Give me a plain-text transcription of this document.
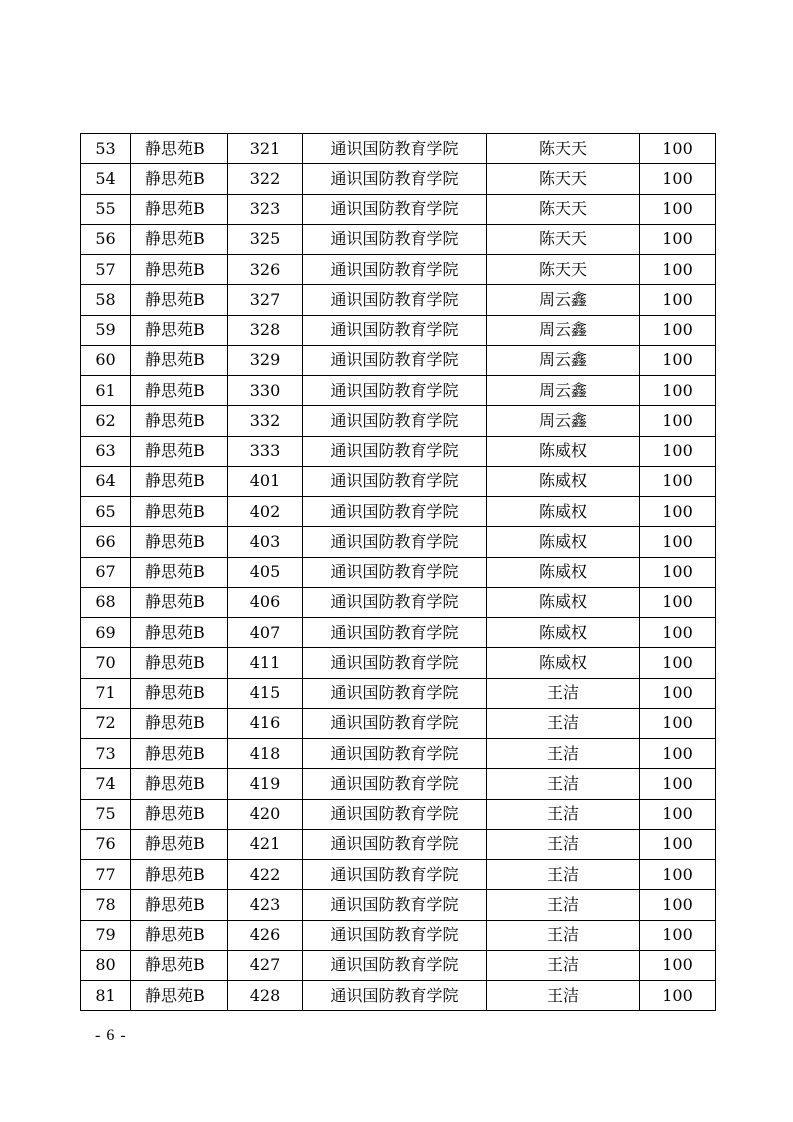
53	静思苑B	321	通识国防教育学院	陈天天	100
54	静思苑B	322	通识国防教育学院	陈天天	100
55	静思苑B	323	通识国防教育学院	陈天天	100
56	静思苑B	325	通识国防教育学院	陈天天	100
57	静思苑B	326	通识国防教育学院	陈天天	100
58	静思苑B	327	通识国防教育学院	周云鑫	100
59	静思苑B	328	通识国防教育学院	周云鑫	100
60	静思苑B	329	通识国防教育学院	周云鑫	100
61	静思苑B	330	通识国防教育学院	周云鑫	100
62	静思苑B	332	通识国防教育学院	周云鑫	100
63	静思苑B	333	通识国防教育学院	陈威权	100
64	静思苑B	401	通识国防教育学院	陈威权	100
65	静思苑B	402	通识国防教育学院	陈威权	100
66	静思苑B	403	通识国防教育学院	陈威权	100
67	静思苑B	405	通识国防教育学院	陈威权	100
68	静思苑B	406	通识国防教育学院	陈威权	100
69	静思苑B	407	通识国防教育学院	陈威权	100
70	静思苑B	411	通识国防教育学院	陈威权	100
71	静思苑B	415	通识国防教育学院	王洁	100
72	静思苑B	416	通识国防教育学院	王洁	100
73	静思苑B	418	通识国防教育学院	王洁	100
74	静思苑B	419	通识国防教育学院	王洁	100
75	静思苑B	420	通识国防教育学院	王洁	100
76	静思苑B	421	通识国防教育学院	王洁	100
77	静思苑B	422	通识国防教育学院	王洁	100
78	静思苑B	423	通识国防教育学院	王洁	100
79	静思苑B	426	通识国防教育学院	王洁	100
80	静思苑B	427	通识国防教育学院	王洁	100
81	静思苑B	428	通识国防教育学院	王洁	100
- 6 -
